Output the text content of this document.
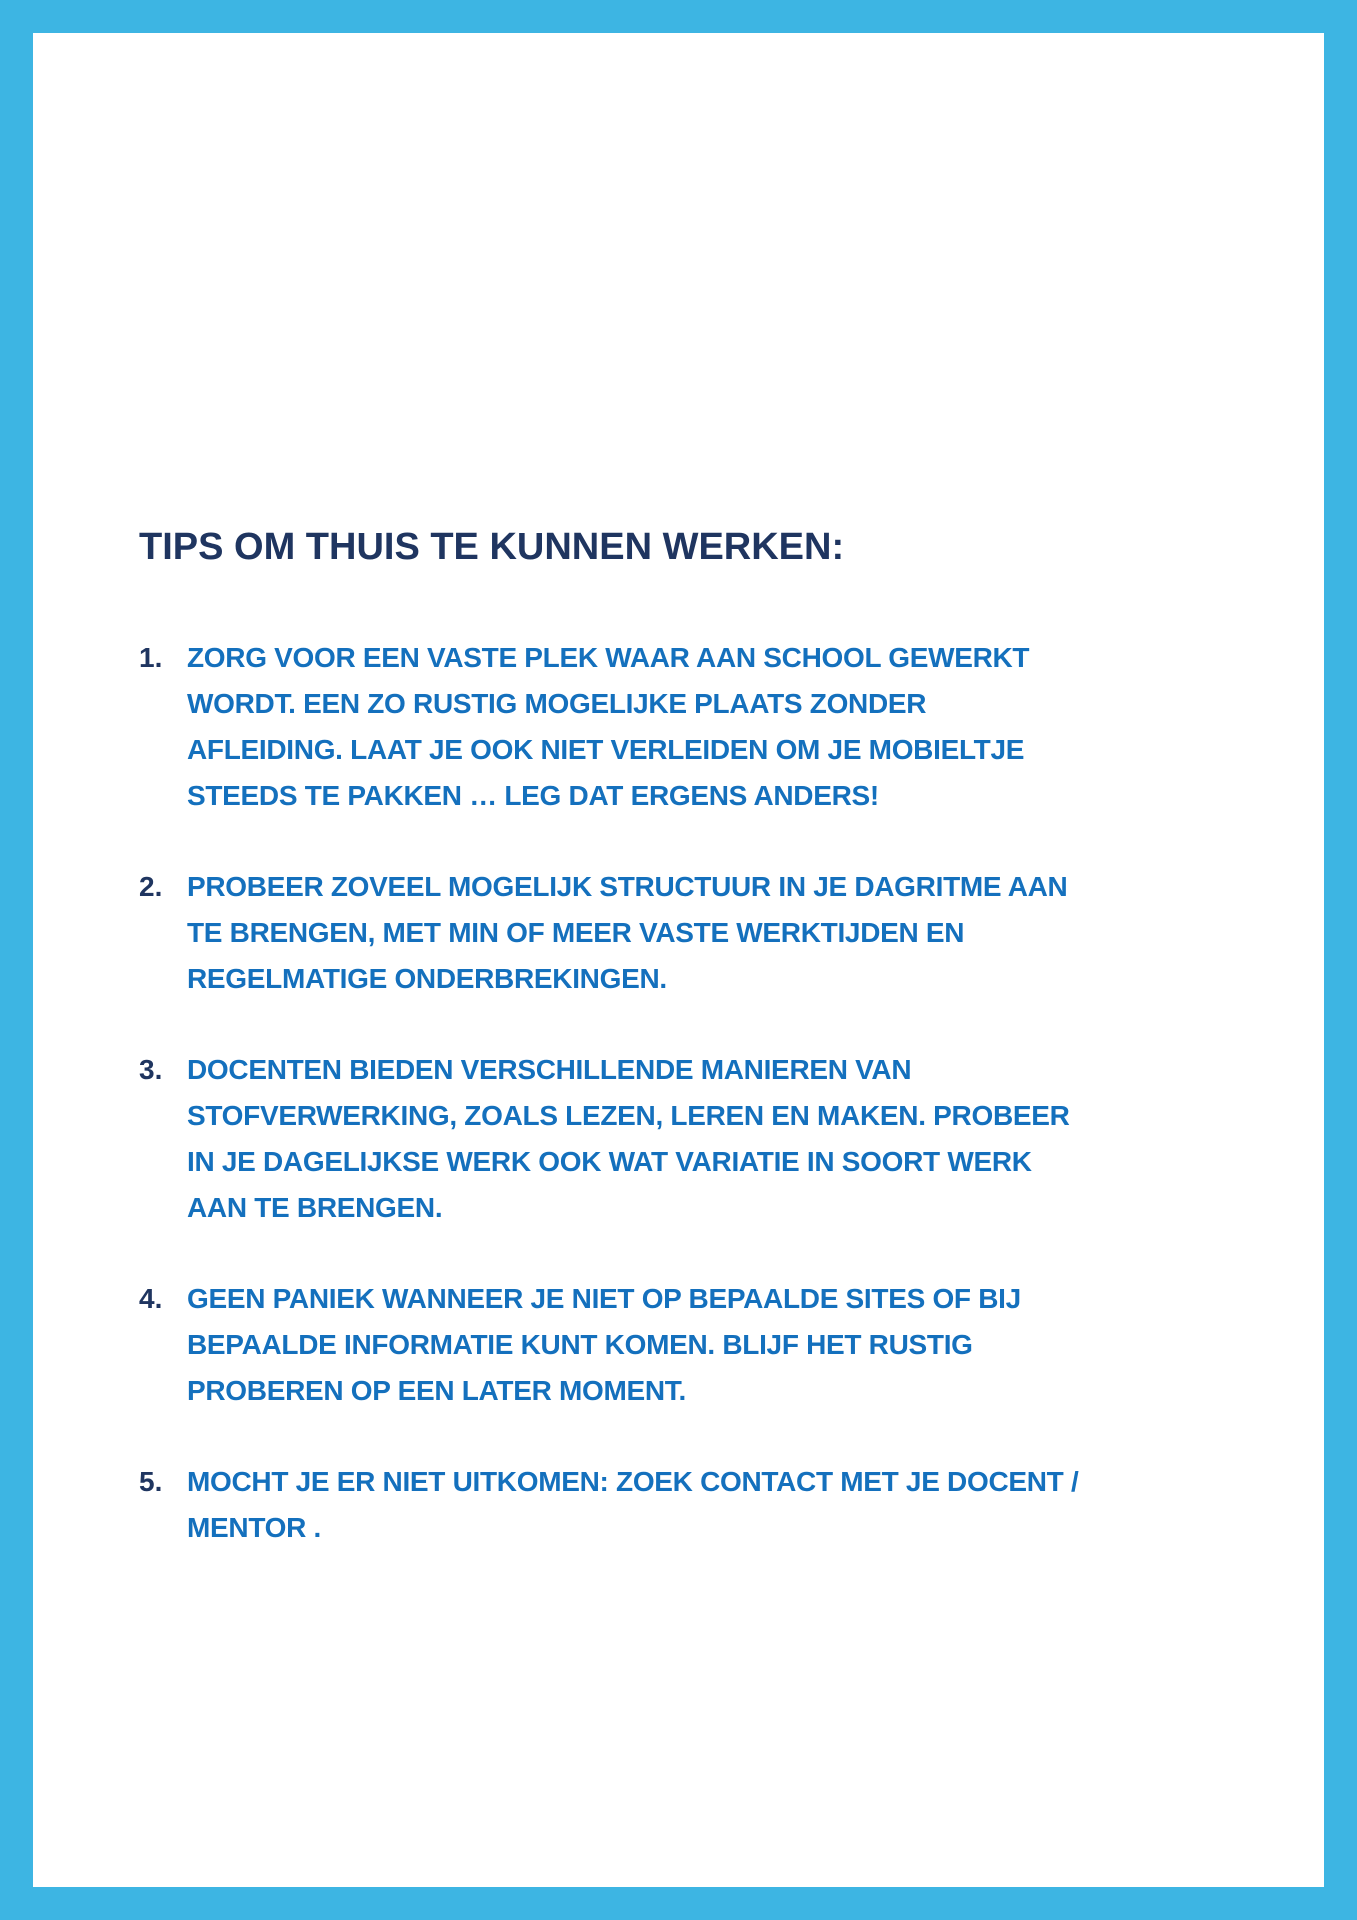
TIPS OM THUIS TE KUNNEN WERKEN:
1. ZORG VOOR EEN VASTE PLEK WAAR AAN SCHOOL GEWERKT
WORDT. EEN ZO RUSTIG MOGELIJKE PLAATS ZONDER
AFLEIDING. LAAT JE OOK NIET VERLEIDEN OM JE MOBIELTJE
STEEDS TE PAKKEN … LEG DAT ERGENS ANDERS!
2. PROBEER ZOVEEL MOGELIJK STRUCTUUR IN JE DAGRITME AAN
TE BRENGEN, MET MIN OF MEER VASTE WERKTIJDEN EN
REGELMATIGE ONDERBREKINGEN.
3. DOCENTEN BIEDEN VERSCHILLENDE MANIEREN VAN
STOFVERWERKING, ZOALS LEZEN, LEREN EN MAKEN. PROBEER
IN JE DAGELIJKSE WERK OOK WAT VARIATIE IN SOORT WERK
AAN TE BRENGEN.
4. GEEN PANIEK WANNEER JE NIET OP BEPAALDE SITES OF BIJ
BEPAALDE INFORMATIE KUNT KOMEN. BLIJF HET RUSTIG
PROBEREN OP EEN LATER MOMENT.
5. MOCHT JE ER NIET UITKOMEN: ZOEK CONTACT MET JE DOCENT /
MENTOR .
